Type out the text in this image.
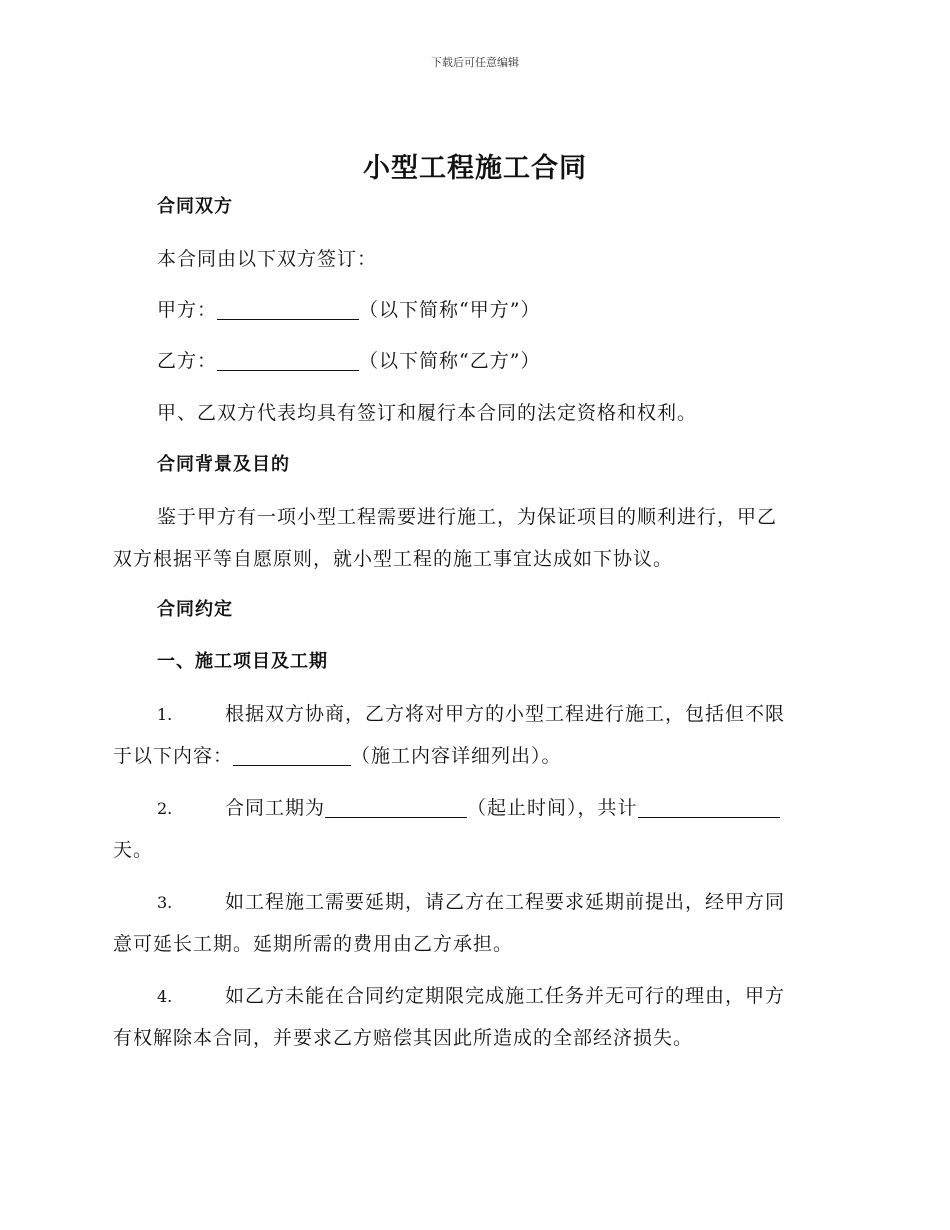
下载后可任意编辑
小型工程施工合同
合同双方
本合同由以下双方签订：
甲方：	（以下简称“甲方”）
乙方：	（以下简称“乙方”）
甲、乙双方代表均具有签订和履行本合同的法定资格和权利。
合同背景及目的
鉴于甲方有一项小型工程需要进行施工，为保证项目的顺利进行，甲乙
双方根据平等自愿原则，就小型工程的施工事宜达成如下协议。
合同约定
一、施工项目及工期
1.	根据双方协商，乙方将对甲方的小型工程进行施工，包括但不限
于以下内容：	（施工内容详细列出）。
2.	合同工期为	（起止时间），共计
天。
3.	如工程施工需要延期，请乙方在工程要求延期前提出，经甲方同
意可延长工期。延期所需的费用由乙方承担。
4.	如乙方未能在合同约定期限完成施工任务并无可行的理由，甲方
有权解除本合同，并要求乙方赔偿其因此所造成的全部经济损失。
